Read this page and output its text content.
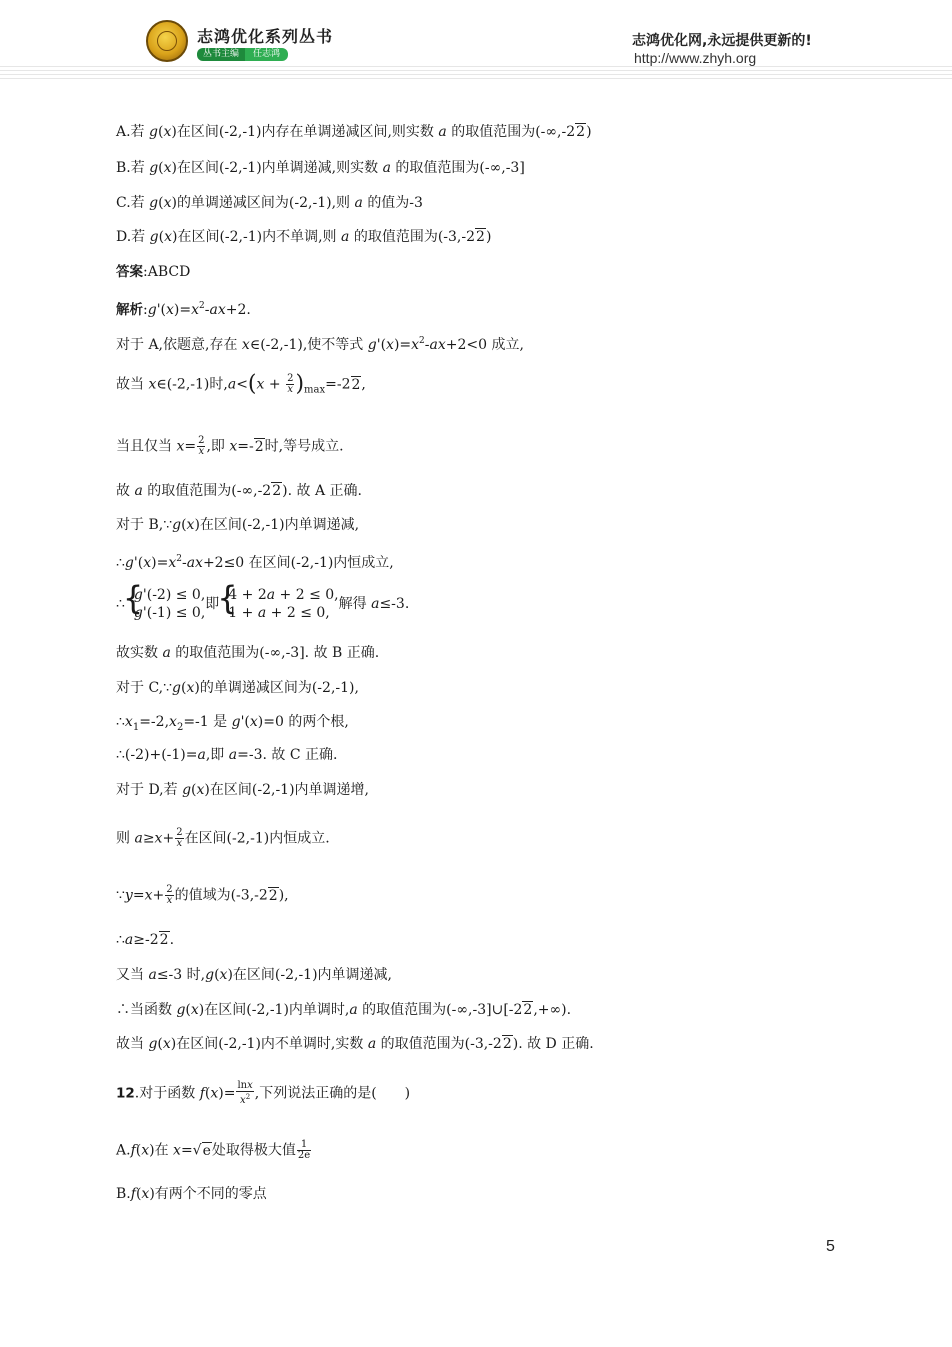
志鸿优化系列丛书
丛书主编 任志鸿
志鸿优化网,永远提供更新的!
http://www.zhyh.org
A.若 g(x)在区间(-2,-1)内存在单调递减区间,则实数 a 的取值范围为(-∞,-22)
B.若 g(x)在区间(-2,-1)内单调递减,则实数 a 的取值范围为(-∞,-3]
C.若 g(x)的单调递减区间为(-2,-1),则 a 的值为-3
D.若 g(x)在区间(-2,-1)内不单调,则 a 的取值范围为(-3,-22)
答案:ABCD
解析$:g'(x)=x^2-ax+2$.
对于 A,依题意,存在 x∈(-2,-1),使不等式 $g'(x)=x^2-ax+2<0$ 成立,
故当 x∈(-2,-1)时$,a<(x + \frac{2}{x} )_{max}=-22$,
当且仅当 $x= \frac{2}{x}$ ,即 x=-2时,等号成立.
故 a 的取值范围为(-∞,-22). 故 A 正确.
对于 B,∵g(x)在区间(-2,-1)内单调递减,
$\therefore g'(x)=x^2-ax+2\le 0$ 在区间(-2,-1)内恒成立,
∴
{ g'(-2) ≤ 0,
g'(-1) ≤ 0,
即
{ 4 + 2a + 2 ≤ 0,
1 + a + 2 ≤ 0,
解得 a≤-3.
故实数 a 的取值范围为(-∞,-3]. 故 B 正确.
对于 C,∵g(x)的单调递减区间为(-2,-1),
$\therefore x_1=-2,x_2=-1$ 是 g'(x)=0 的两个根,
∴(-2)+(-1)=a,即 a=-3. 故 C 正确.
对于 D,若 g(x)在区间(-2,-1)内单调递增,
则 $a\ge x+ \frac{2}{x}$ 在区间(-2,-1)内恒成立.
∵y=x+ $\frac{2}{x}$ 的值域为(-3,-22),
∴a≥-22.
又当 a≤-3 时,g(x)在区间(-2,-1)内单调递减,
∴当函数 g(x)在区间(-2,-1)内单调时,a 的取值范围为(-∞,-3]∪[-22,+∞).
故当 g(x)在区间(-2,-1)内不单调时,实数 a 的取值范围为(-3,-22). 故 D 正确.
12.对于函数 $f(x)= \frac{\ln x}{x^2}$ ,下列说法正确的是(　　)
A.f(x)在 x=√e处取得极大值 $\frac{1}{2e}$
B.f(x)有两个不同的零点
5
